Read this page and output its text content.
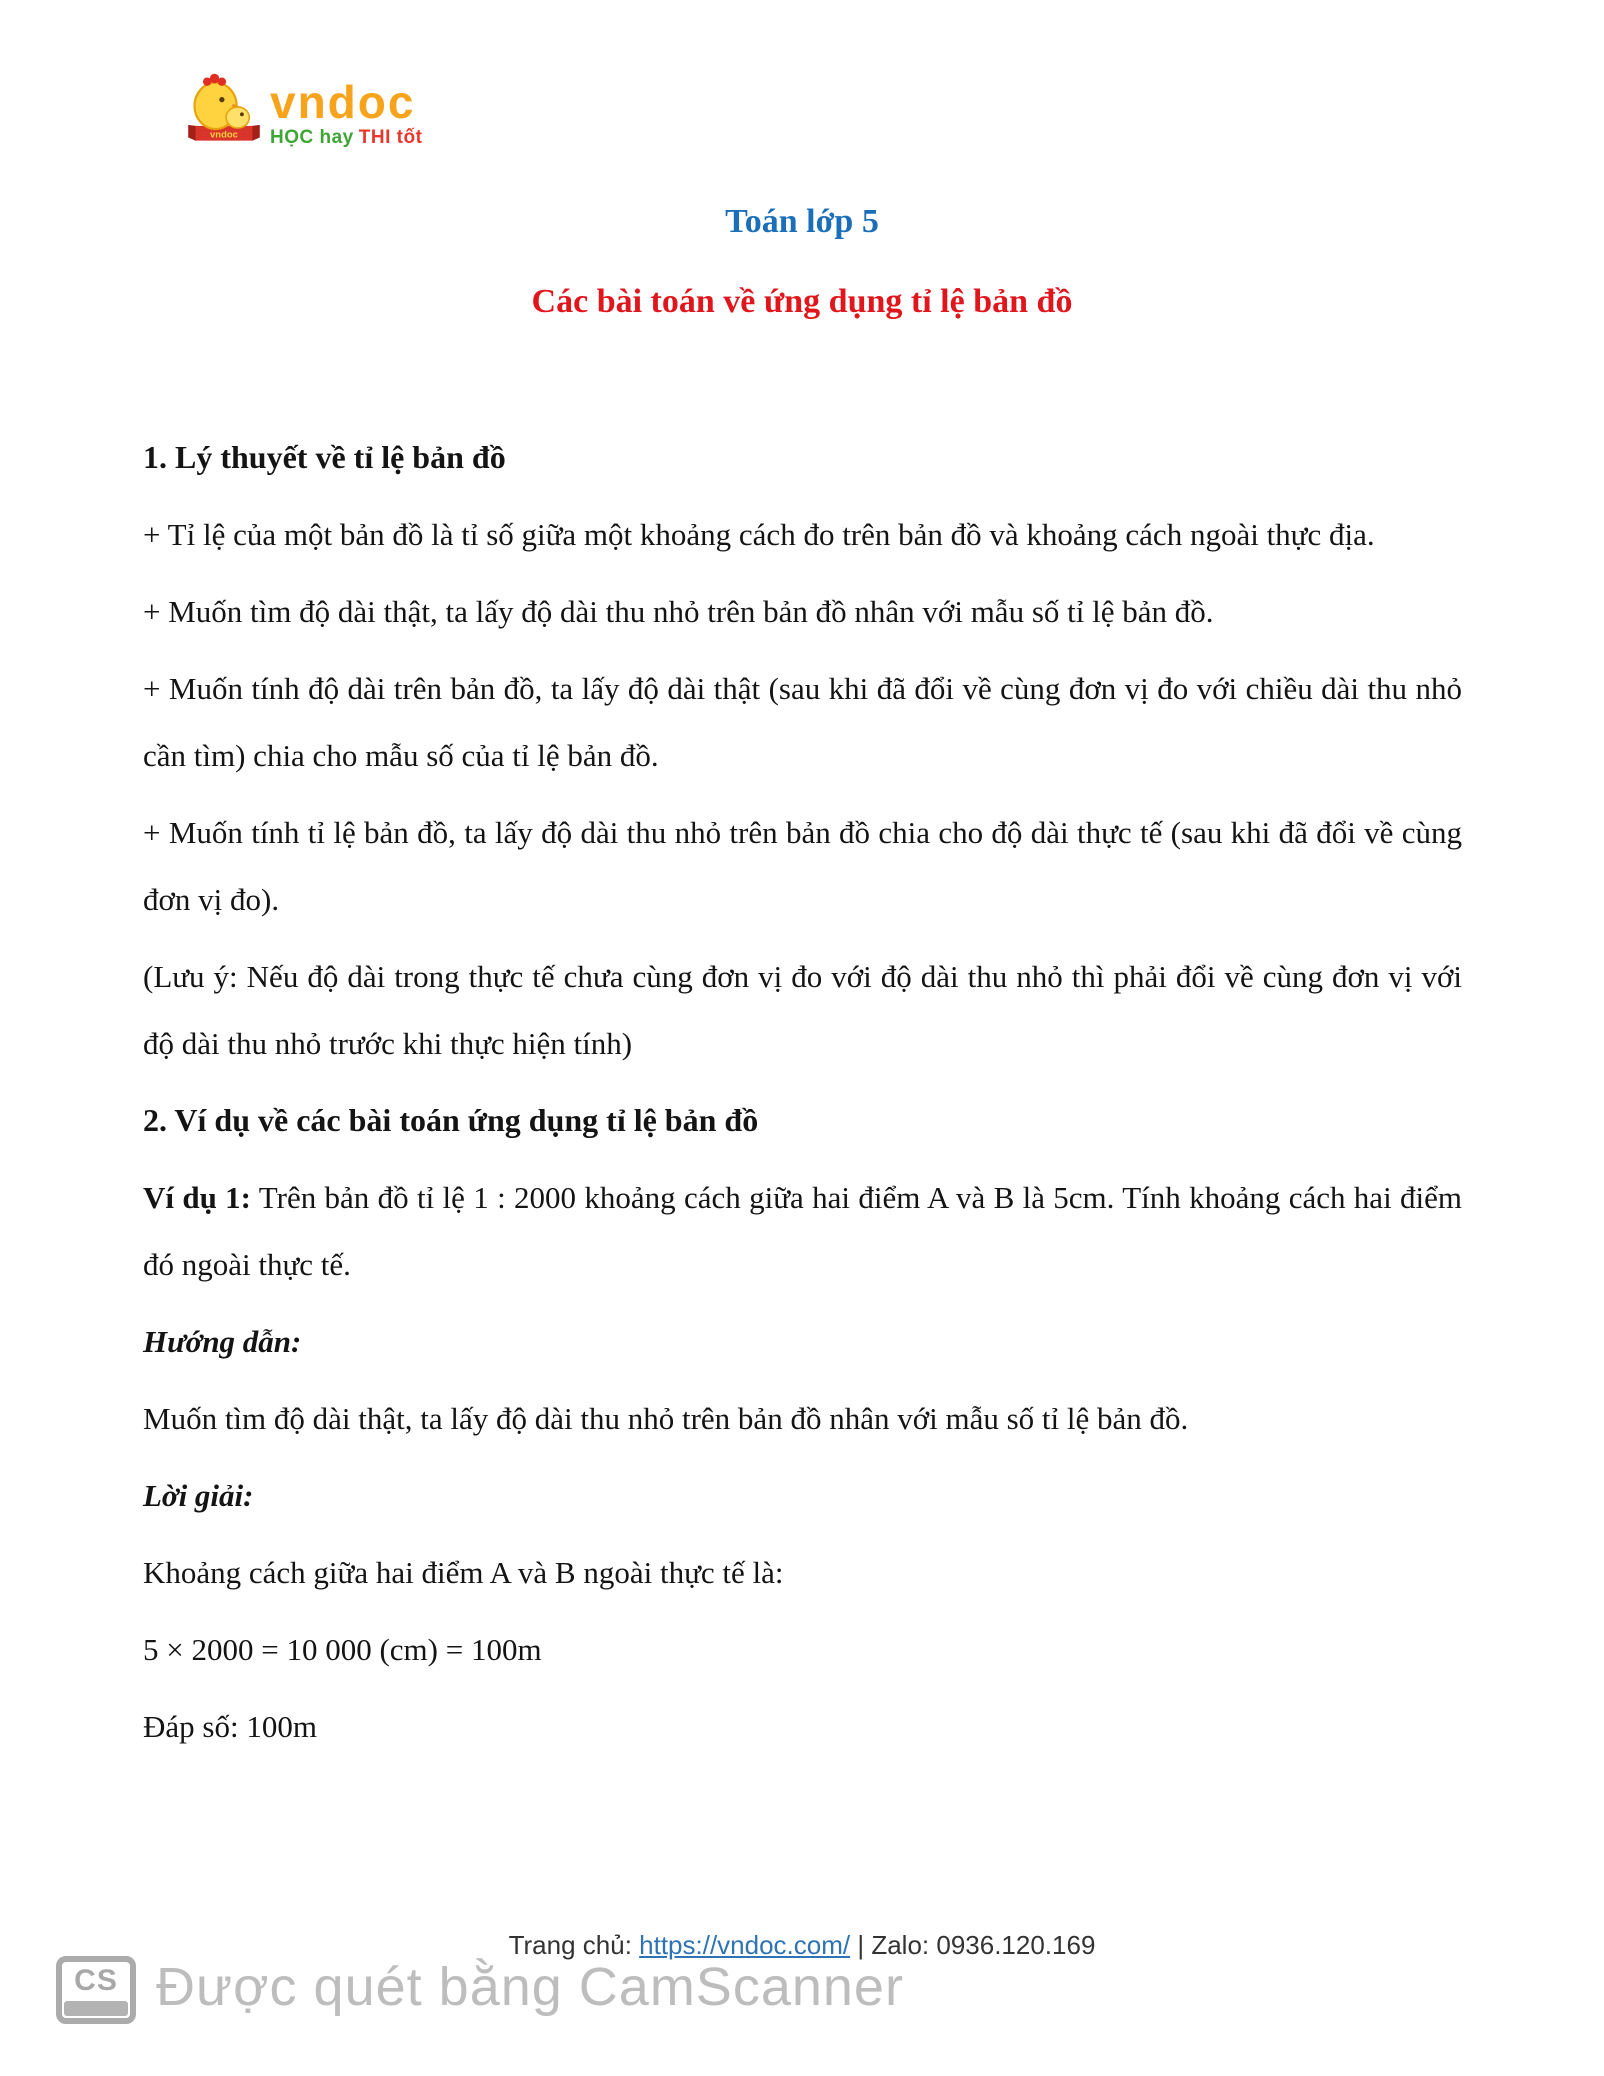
vndoc
vndoc
HỌC hay THI tốt
Toán lớp 5
Các bài toán về ứng dụng tỉ lệ bản đồ

1. Lý thuyết về tỉ lệ bản đồ

+ Tỉ lệ của một bản đồ là tỉ số giữa một khoảng cách đo trên bản đồ và khoảng cách ngoài thực địa.

+ Muốn tìm độ dài thật, ta lấy độ dài thu nhỏ trên bản đồ nhân với mẫu số tỉ lệ bản đồ.

+ Muốn tính độ dài trên bản đồ, ta lấy độ dài thật (sau khi đã đổi về cùng đơn vị đo với chiều dài thu nhỏ cần tìm) chia cho mẫu số của tỉ lệ bản đồ.

+ Muốn tính tỉ lệ bản đồ, ta lấy độ dài thu nhỏ trên bản đồ chia cho độ dài thực tế (sau khi đã đổi về cùng đơn vị đo).

(Lưu ý: Nếu độ dài trong thực tế chưa cùng đơn vị đo với độ dài thu nhỏ thì phải đổi về cùng đơn vị với độ dài thu nhỏ trước khi thực hiện tính)

2. Ví dụ về các bài toán ứng dụng tỉ lệ bản đồ

Ví dụ 1: Trên bản đồ tỉ lệ 1 : 2000 khoảng cách giữa hai điểm A và B là 5cm. Tính khoảng cách hai điểm đó ngoài thực tế.

Hướng dẫn:

Muốn tìm độ dài thật, ta lấy độ dài thu nhỏ trên bản đồ nhân với mẫu số tỉ lệ bản đồ.

Lời giải:

Khoảng cách giữa hai điểm A và B ngoài thực tế là:

5 × 2000 = 10 000 (cm) = 100m

Đáp số: 100m

Trang chủ: https://vndoc.com/ | Zalo: 0936.120.169
CS Được quét bằng CamScanner
